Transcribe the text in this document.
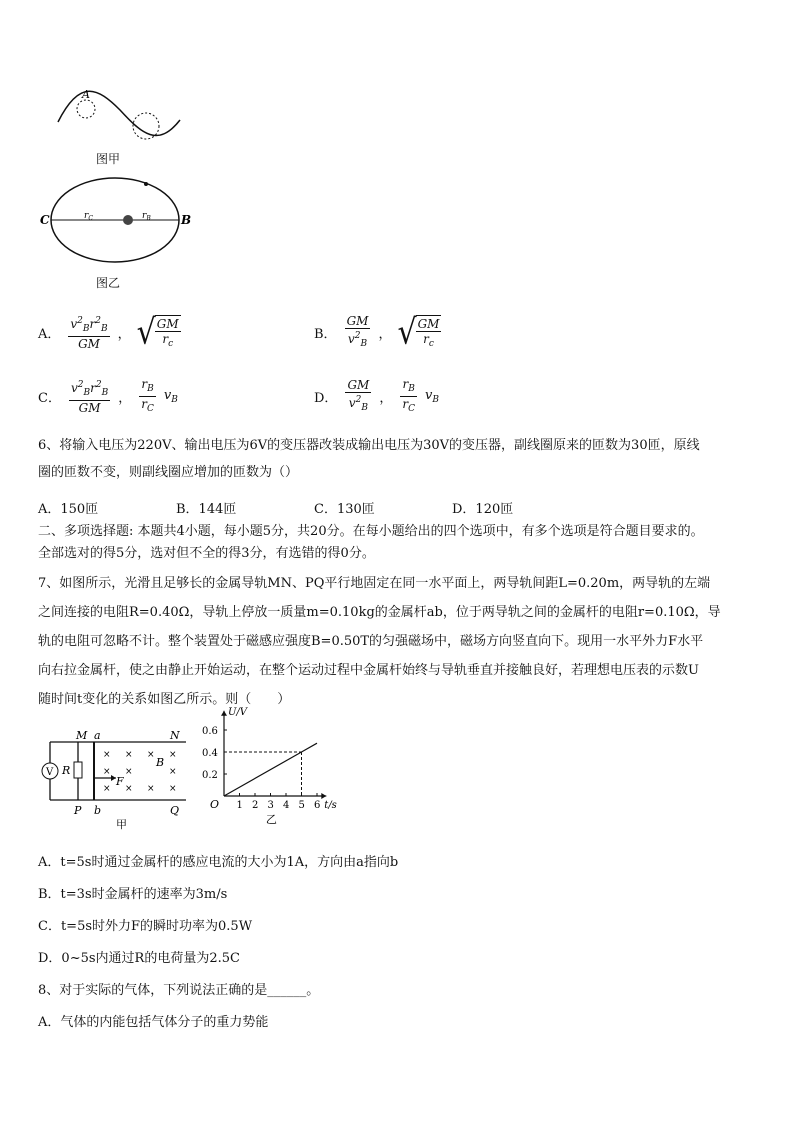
A
图甲
C	B
$r_C$	$r_B$
图乙
A． $\frac{v^2_Br^2_B}{GM}$ ， √ $\frac{GM}{r_c}$	B． $\frac{GM}{v^2_B}$ ， √ $\frac{GM}{r_c}$
C． $\frac{v^2_Br^2_B}{GM}$ ， $\frac{r_B}{r_C} v_B$	D． $\frac{GM}{v^2_B}$ ， $\frac{r_B}{r_C} v_B$

6、将输入电压为220V、输出电压为6V的变压器改装成输出电压为30V的变压器，副线圈原来的匝数为30匝，原线

圈的匝数不变，则副线圈应增加的匝数为（）

A．150匝	B．144匝	C．130匝	D．120匝
二、多项选择题: 本题共4小题，每小题5分，共20分。在每小题给出的四个选项中，有多个选项是符合题目要求的。
全部选对的得5分，选对但不全的得3分，有选错的得0分。

7、如图所示，光滑且足够长的金属导轨MN、PQ平行地固定在同一水平面上，两导轨间距L=0.20m，两导轨的左端

之间连接的电阻R=0.40Ω，导轨上停放一质量m=0.10kg的金属杆ab，位于两导轨之间的金属杆的电阻r=0.10Ω，导

轨的电阻可忽略不计。整个装置处于磁感应强度B=0.50T的匀强磁场中，磁场方向竖直向下。现用一水平外力F水平

向右拉金属杆，使之由静止开始运动，在整个运动过程中金属杆始终与导轨垂直并接触良好，若理想电压表的示数U

随时间t变化的关系如图乙所示。则（　　）

V R
F
B
M a	N
P b	Q
甲
×
×
×
×
×
×
×
×
×
×
×
U/V
t/s
O 1 2 3 4 5 6
0.2
0.4
0.6
乙
A．t=5s时通过金属杆的感应电流的大小为1A，方向由a指向b
B．t=3s时金属杆的速率为3m/s
C．t=5s时外力F的瞬时功率为0.5W
D．0~5s内通过R的电荷量为2.5C
8、对于实际的气体，下列说法正确的是______。
A．气体的内能包括气体分子的重力势能
